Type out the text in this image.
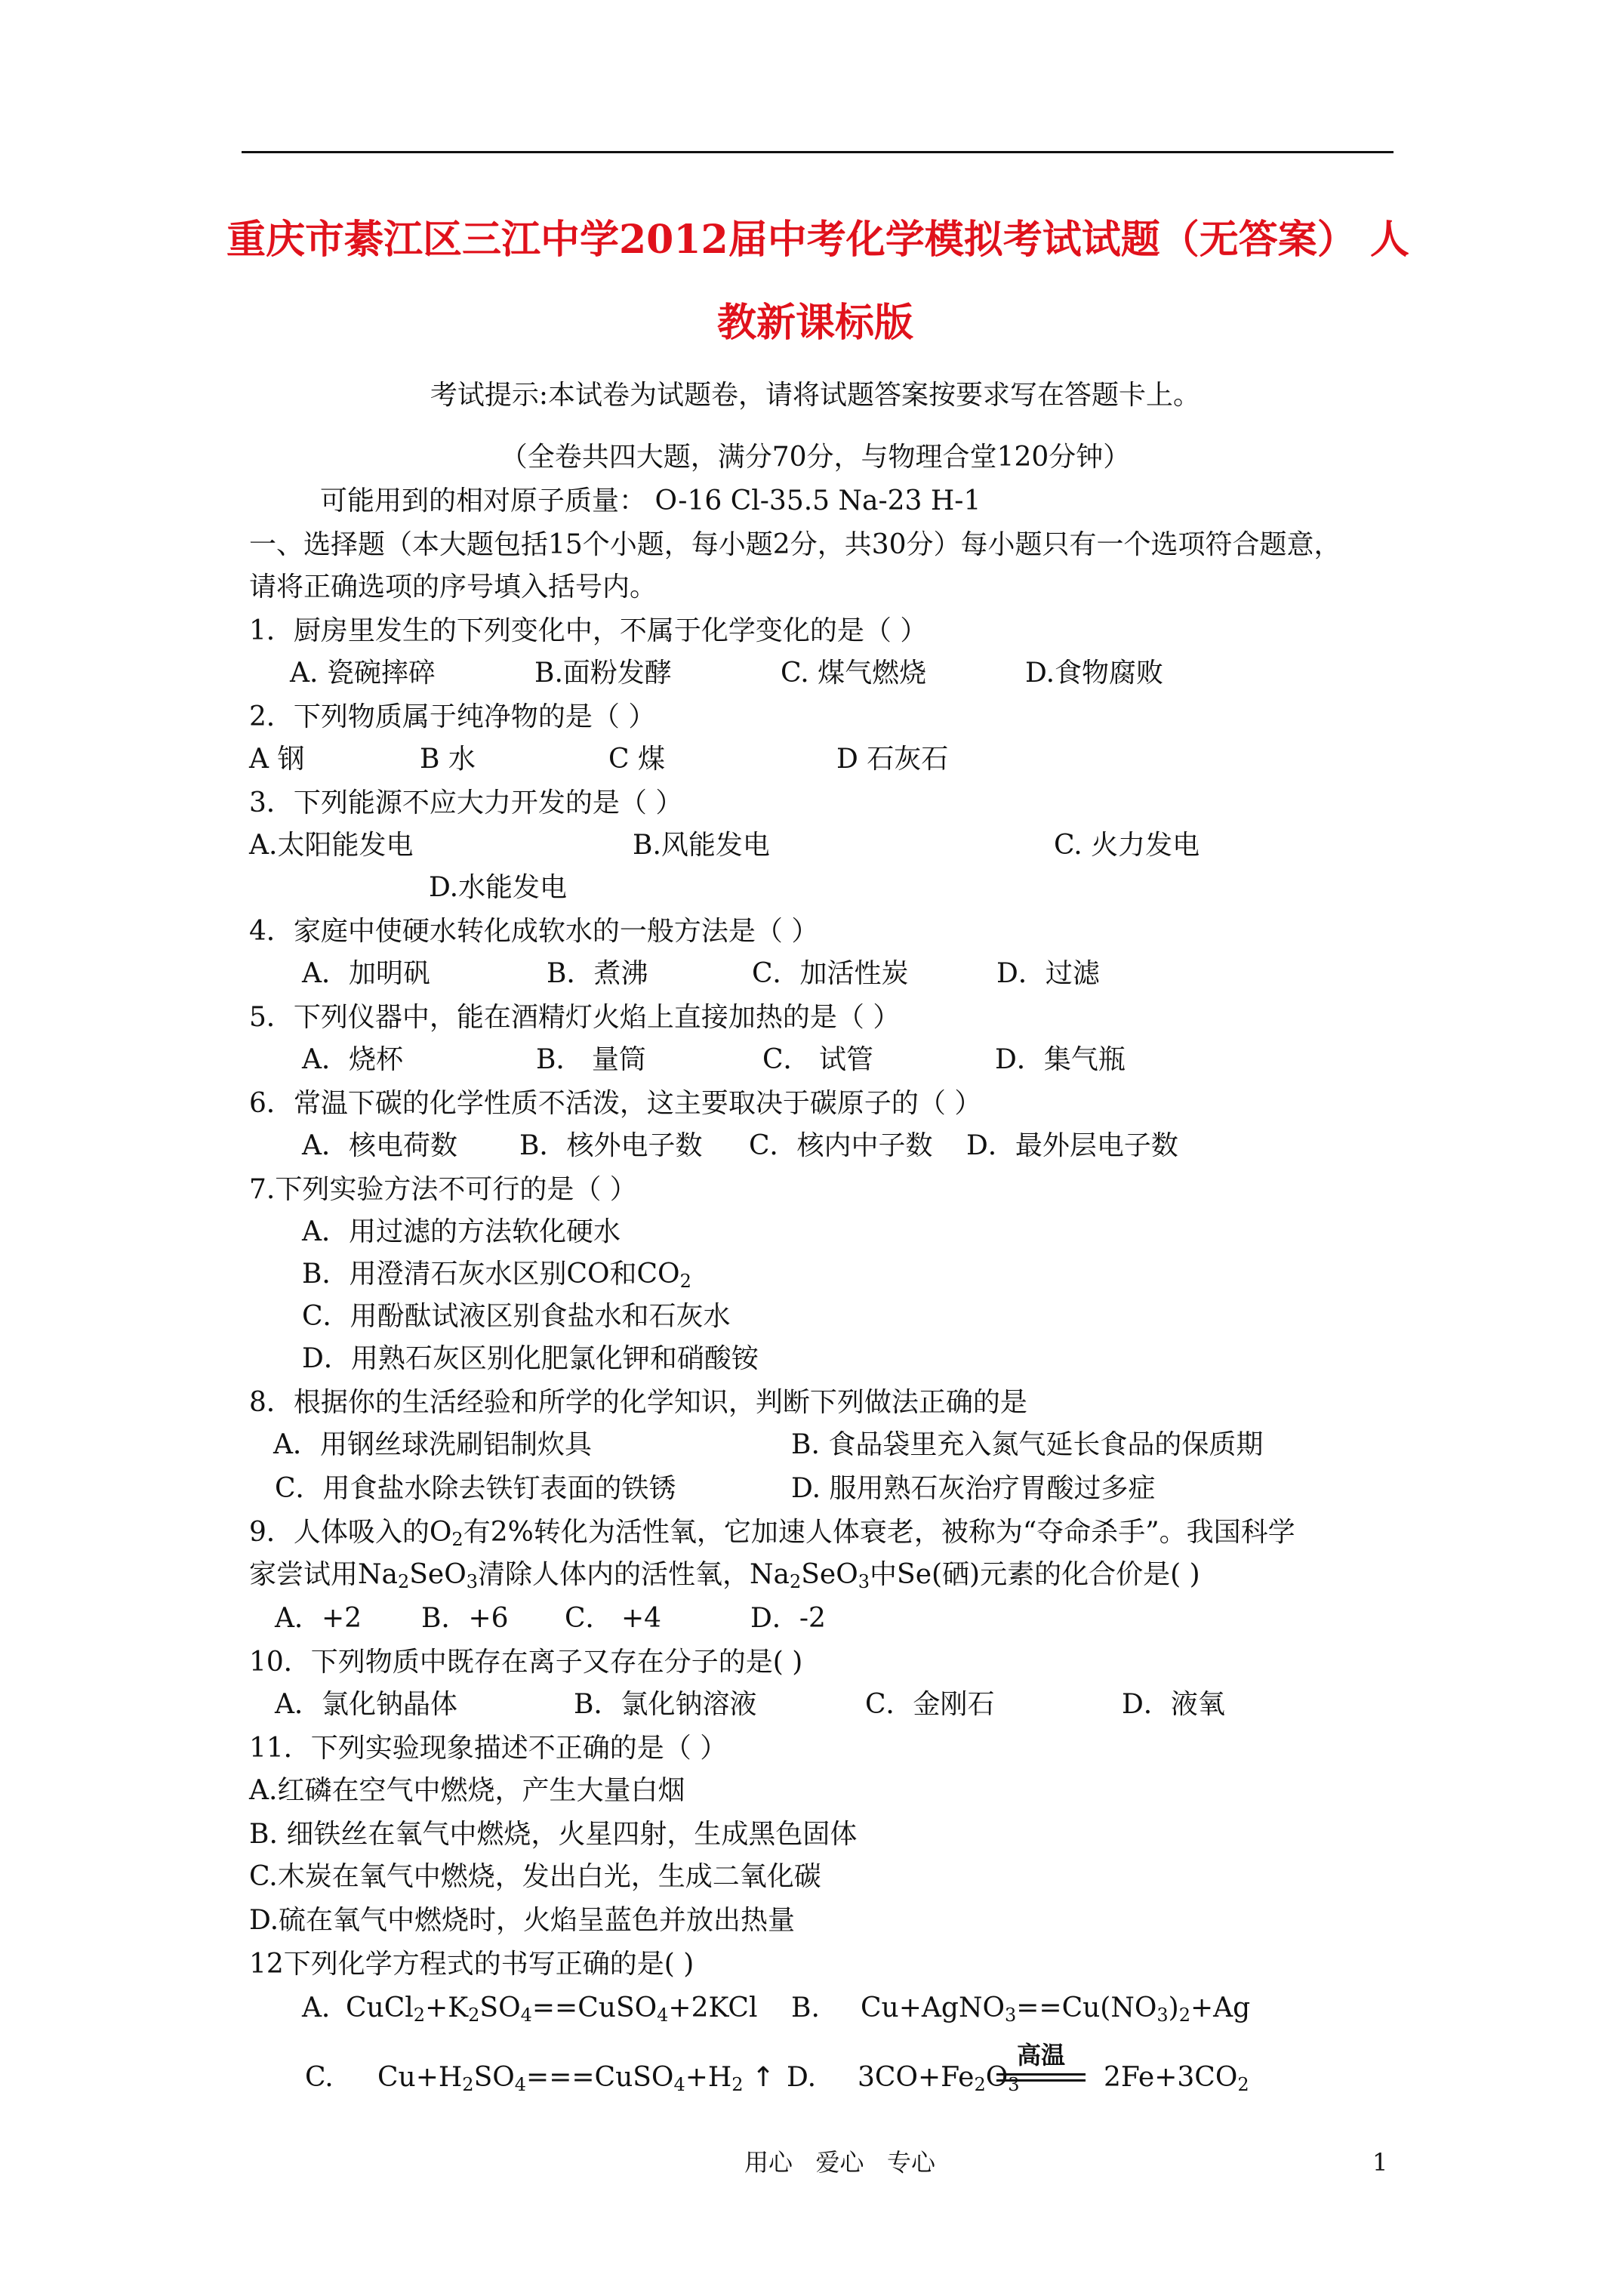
重庆市綦江区三江中学2012届中考化学模拟考试试题（无答案） 人
教新课标版
考试提示:本试卷为试题卷，请将试题答案按要求写在答题卡上。
（全卷共四大题，满分70分，与物理合堂120分钟）
可能用到的相对原子质量： O-16 Cl-35.5 Na-23 H-1
一、选择题（本大题包括15个小题，每小题2分，共30分）每小题只有一个选项符合题意，
请将正确选项的序号填入括号内。
1．厨房里发生的下列变化中，不属于化学变化的是（ ）
A. 瓷碗摔碎	B.面粉发酵	C. 煤气燃烧	D.食物腐败
2．下列物质属于纯净物的是（ ）
A 钢	B 水	C 煤	D 石灰石
3．下列能源不应大力开发的是（ ）
A.太阳能发电	B.风能发电	C. 火力发电
D.水能发电
4．家庭中使硬水转化成软水的一般方法是（ ）
A．加明矾	B．煮沸	C．加活性炭	D．过滤
5．下列仪器中，能在酒精灯火焰上直接加热的是（ ）
A．烧杯	B． 量筒	C． 试管	D．集气瓶
6．常温下碳的化学性质不活泼，这主要取决于碳原子的（ ）
A．核电荷数 B．核外电子数 C．核内中子数 D．最外层电子数
7.下列实验方法不可行的是（ ）
A．用过滤的方法软化硬水
B．用澄清石灰水区别CO和$CO_2$
C．用酚酞试液区别食盐水和石灰水
D．用熟石灰区别化肥氯化钾和硝酸铵
8．根据你的生活经验和所学的化学知识，判断下列做法正确的是
A．用钢丝球洗刷铝制炊具	B. 食品袋里充入氮气延长食品的保质期
C．用食盐水除去铁钉表面的铁锈	D. 服用熟石灰治疗胃酸过多症
9．人体吸入的$O_2$有2%转化为活性氧，它加速人体衰老，被称为“夺命杀手”。我国科学
家尝试用$Na_2SeO_3$清除人体内的活性氧，$Na_2SeO_3$中Se(硒)元素的化合价是( )
A．+2 B．+6 C． +4	D．-2
10．下列物质中既存在离子又存在分子的是( )
A．氯化钠晶体	B．氯化钠溶液	C．金刚石	D．液氧
11．下列实验现象描述不正确的是（ ）
A.红磷在空气中燃烧，产生大量白烟
B. 细铁丝在氧气中燃烧，火星四射，生成黑色固体
C.木炭在氧气中燃烧，发出白光，生成二氧化碳
D.硫在氧气中燃烧时，火焰呈蓝色并放出热量
12下列化学方程式的书写正确的是( )
A．
$CuCl_2+K_2SO_4==CuSO_4+2KCl$ B. $Cu+AgNO_3==Cu(NO_3)_2+Ag$
C. $Cu+H_2SO_4===CuSO_4+H_2$ ↑ D. $3CO+Fe_2O_3$
高温
$2Fe+3CO_2$
用心   爱心   专心	1
